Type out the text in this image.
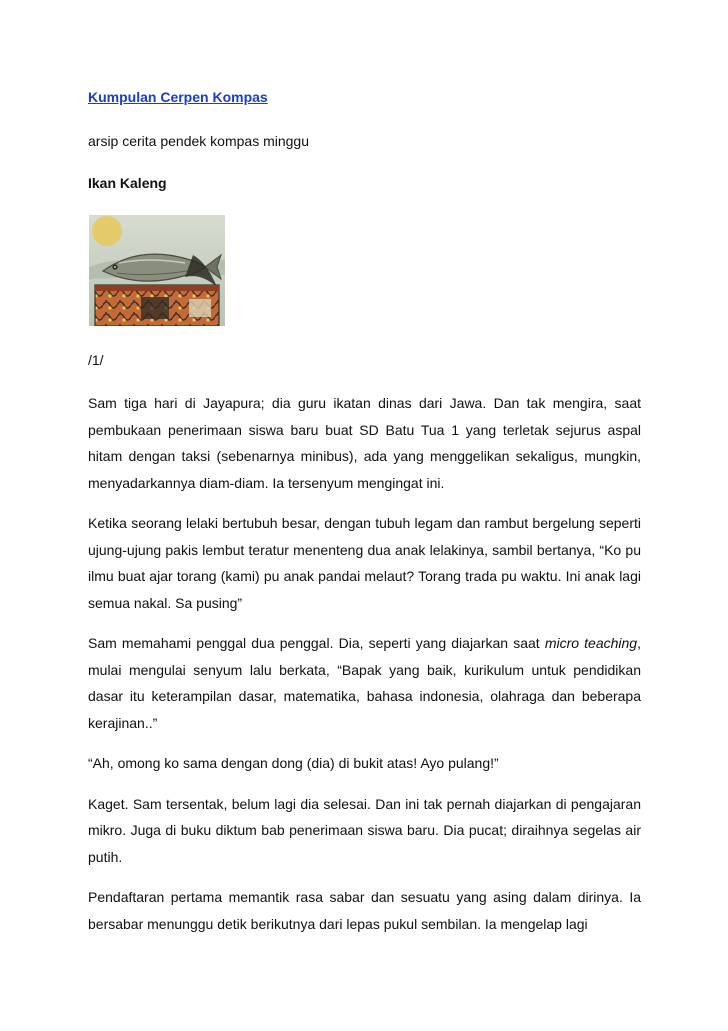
Kumpulan Cerpen Kompas
arsip cerita pendek kompas minggu
Ikan Kaleng
/1/

Sam tiga hari di Jayapura; dia guru ikatan dinas dari Jawa. Dan tak mengira, saat pembukaan penerimaan siswa baru buat SD Batu Tua 1 yang terletak sejurus aspal hitam dengan taksi (sebenarnya minibus), ada yang menggelikan sekaligus, mungkin, menyadarkannya diam-diam. Ia tersenyum mengingat ini.

Ketika seorang lelaki bertubuh besar, dengan tubuh legam dan rambut bergelung seperti ujung-ujung pakis lembut teratur menenteng dua anak lelakinya, sambil bertanya, “Ko pu ilmu buat ajar torang (kami) pu anak pandai melaut? Torang trada pu waktu. Ini anak lagi semua nakal. Sa pusing”

Sam memahami penggal dua penggal. Dia, seperti yang diajarkan saat micro teaching, mulai mengulai senyum lalu berkata, “Bapak yang baik, kurikulum untuk pendidikan dasar itu keterampilan dasar, matematika, bahasa indonesia, olahraga dan beberapa kerajinan..”

“Ah, omong ko sama dengan dong (dia) di bukit atas! Ayo pulang!”

Kaget. Sam tersentak, belum lagi dia selesai. Dan ini tak pernah diajarkan di pengajaran mikro. Juga di buku diktum bab penerimaan siswa baru. Dia pucat; diraihnya segelas air putih.

Pendaftaran pertama memantik rasa sabar dan sesuatu yang asing dalam dirinya. Ia bersabar menunggu detik berikutnya dari lepas pukul sembilan. Ia mengelap lagi
